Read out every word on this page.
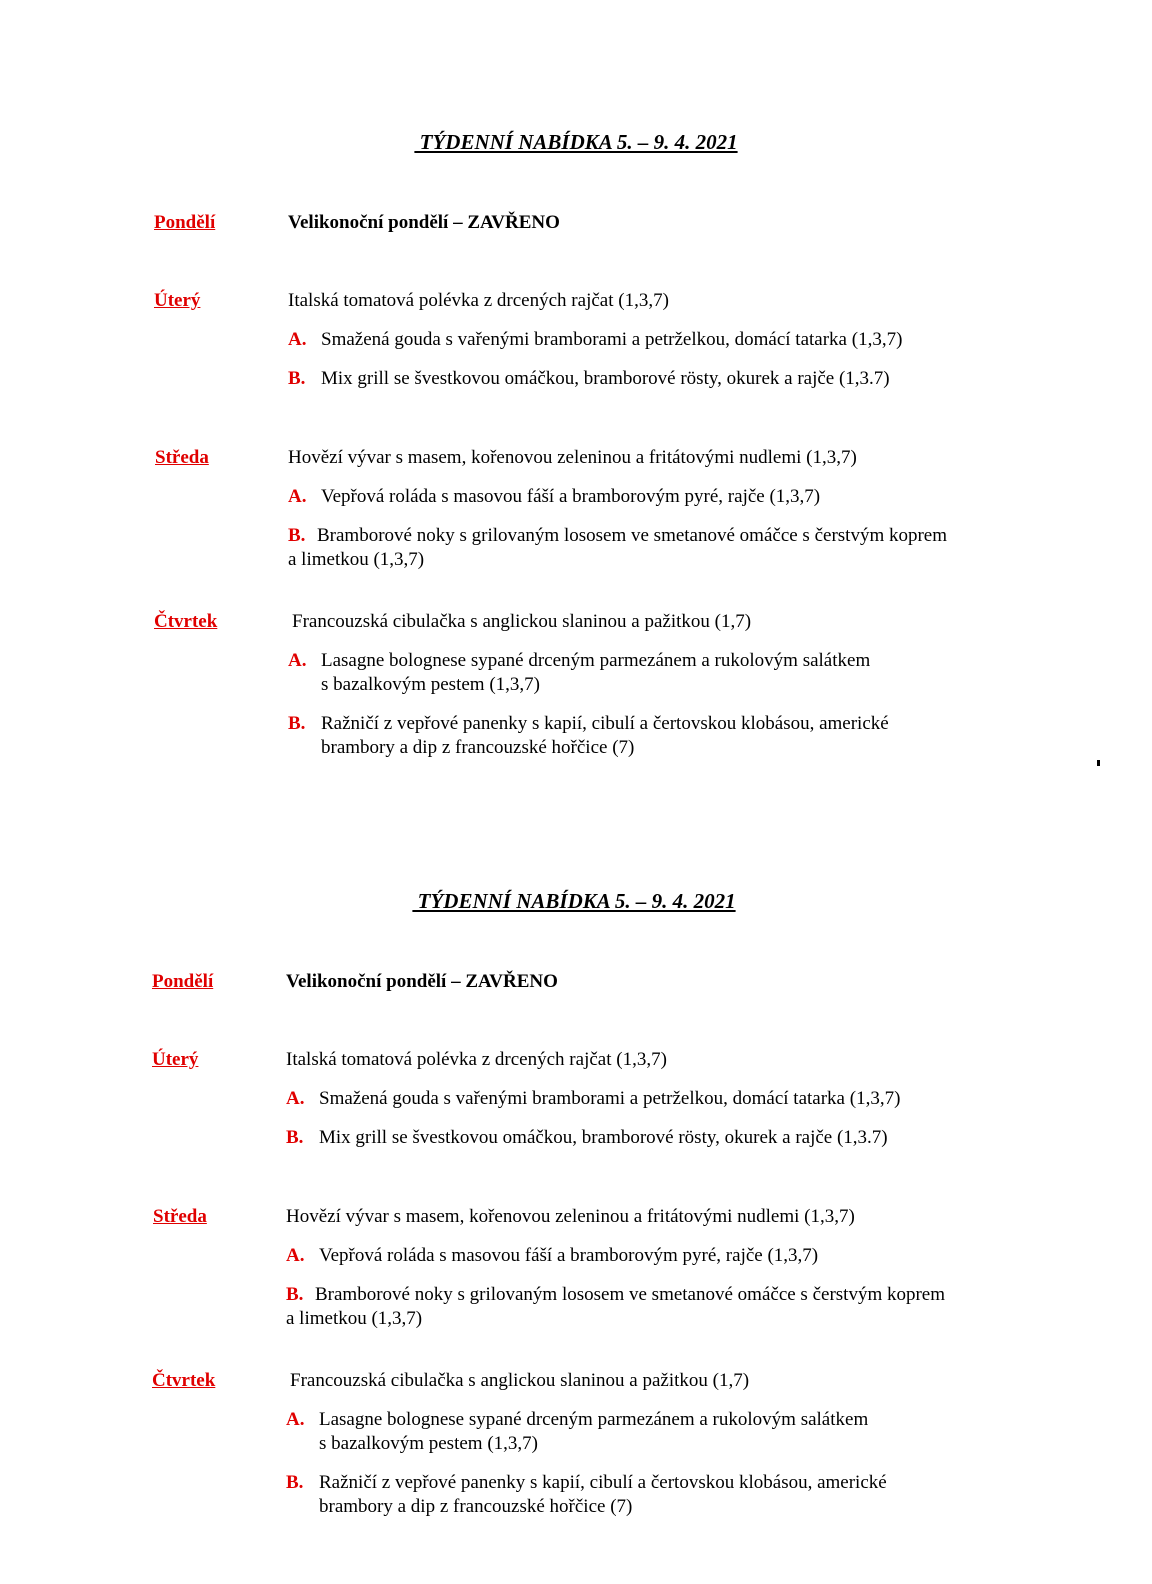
TÝDENNÍ NABÍDKA 5. – 9. 4. 2021
Pondělí	Velikonoční pondělí – ZAVŘENO
Úterý	Italská tomatová polévka z drcených rajčat (1,3,7)
A. Smažená gouda s vařenými bramborami a petrželkou, domácí tatarka (1,3,7)
B. Mix grill se švestkovou omáčkou, bramborové rösty, okurek a rajče (1,3.7)
Středa	Hovězí vývar s masem, kořenovou zeleninou a fritátovými nudlemi (1,3,7)
A. Vepřová roláda s masovou fáší a bramborovým pyré, rajče (1,3,7)
B. Bramborové noky s grilovaným lososem ve smetanové omáčce s čerstvým koprem
a limetkou (1,3,7)
Čtvrtek	Francouzská cibulačka s anglickou slaninou a pažitkou (1,7)
A. Lasagne bolognese sypané drceným parmezánem a rukolovým salátkem
s bazalkovým pestem (1,3,7)
B. Ražničí z vepřové panenky s kapií, cibulí a čertovskou klobásou, americké
brambory a dip z francouzské hořčice (7)
TÝDENNÍ NABÍDKA 5. – 9. 4. 2021
Pondělí	Velikonoční pondělí – ZAVŘENO
Úterý	Italská tomatová polévka z drcených rajčat (1,3,7)
A. Smažená gouda s vařenými bramborami a petrželkou, domácí tatarka (1,3,7)
B. Mix grill se švestkovou omáčkou, bramborové rösty, okurek a rajče (1,3.7)
Středa	Hovězí vývar s masem, kořenovou zeleninou a fritátovými nudlemi (1,3,7)
A. Vepřová roláda s masovou fáší a bramborovým pyré, rajče (1,3,7)
B. Bramborové noky s grilovaným lososem ve smetanové omáčce s čerstvým koprem
a limetkou (1,3,7)
Čtvrtek	Francouzská cibulačka s anglickou slaninou a pažitkou (1,7)
A. Lasagne bolognese sypané drceným parmezánem a rukolovým salátkem
s bazalkovým pestem (1,3,7)
B. Ražničí z vepřové panenky s kapií, cibulí a čertovskou klobásou, americké
brambory a dip z francouzské hořčice (7)
